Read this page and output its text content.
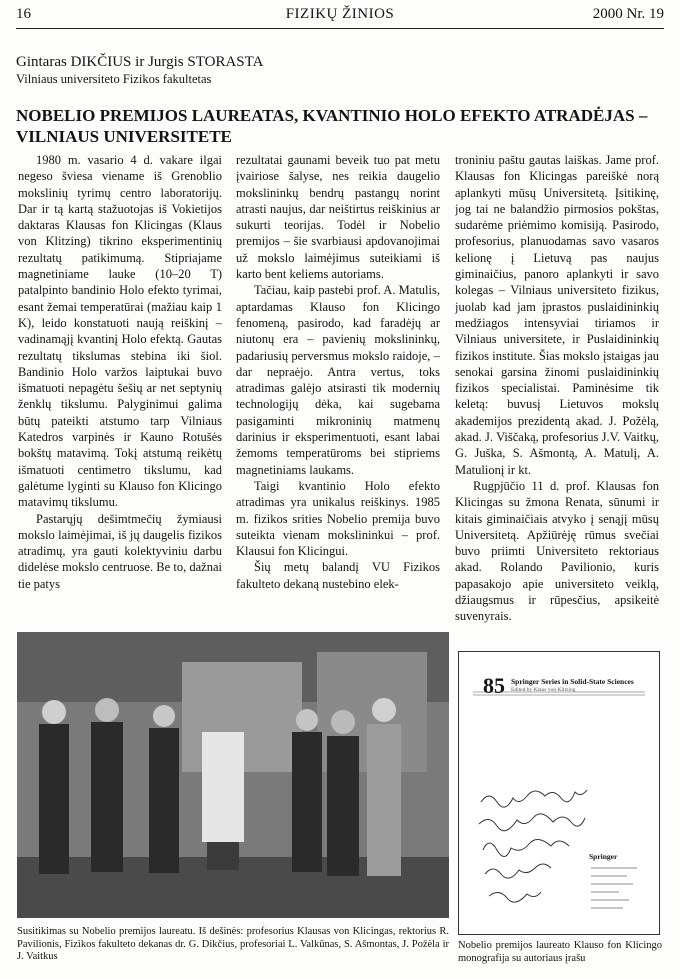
16	FIZIKŲ ŽINIOS	2000 Nr. 19
Gintaras DIKČIUS ir Jurgis STORASTA
Vilniaus universiteto Fizikos fakultetas
NOBELIO PREMIJOS LAUREATAS, KVANTINIO HOLO EFEKTO ATRADĖJAS – VILNIAUS UNIVERSITETE

1980 m. vasario 4 d. vakare ilgai negeso šviesa viename iš Grenoblio mokslinių tyrimų centro laboratorijų. Dar ir tą kartą stažuotojas iš Vokietijos daktaras Klausas fon Klicingas (Klaus von Klitzing) tikrino eksperimentinių rezultatų patikimumą. Stipriajame magnetiniame lauke (10–20 T) patalpinto bandinio Holo efekto tyrimai, esant žemai temperatūrai (mažiau kaip 1 K), leido konstatuoti naują reiškinį – vadinamąjį kvantinį Holo efektą. Gautas rezultatų tikslumas stebina iki šiol. Bandinio Holo varžos laiptukai buvo išmatuoti nepagėtu šešių ar net septynių ženklų tikslumu. Palyginimui galima būtų pateikti atstumo tarp Vilniaus Katedros varpinės ir Kauno Rotušės bokštų matavimą. Tokį atstumą reikėtų išmatuoti centimetro tikslumu, kad galėtume lyginti su Klauso fon Klicingo matavimų tikslumu.

Pastarųjų dešimtmečių žymiausi mokslo laimėjimai, iš jų daugelis fizikos atradimų, yra gauti kolektyviniu darbu didelėse mokslo centruose. Be to, dažnai tie patys

rezultatai gaunami beveik tuo pat metu įvairiose šalyse, nes reikia daugelio mokslininkų bendrų pastangų norint atrasti naujus, dar neištirtus reiškinius ar sukurti teorijas. Todėl ir Nobelio premijos – šie svarbiausi apdovanojimai už mokslo laimėjimus suteikiami iš karto bent keliems autoriams.

Tačiau, kaip pastebi prof. A. Matulis, aptardamas Klauso fon Klicingo fenomeną, pasirodo, kad faradėjų ar niutonų era – pavienių mokslininkų, padariusių perversmus mokslo raidoje, – dar nepraėjo. Antra vertus, toks atradimas galėjo atsirasti tik modernių technologijų dėka, kai sugebama pasigaminti mikroninių matmenų darinius ir eksperimentuoti, esant labai žemoms temperatūroms bei stipriems magnetiniams laukams.

Taigi kvantinio Holo efekto atradimas yra unikalus reiškinys. 1985 m. fizikos srities Nobelio premija buvo suteikta vienam mokslininkui – prof. Klausui fon Klicingui.

Šių metų balandį VU Fizikos fakulteto dekaną nustebino elek-

troniniu paštu gautas laiškas. Jame prof. Klausas fon Klicingas pareiškė norą aplankyti mūsų Universitetą. Įsitikinę, jog tai ne balandžio pirmosios pokštas, sudarėme priėmimo komisiją. Pasirodo, profesorius, planuodamas savo vasaros kelionę į Lietuvą pas naujus giminaičius, panoro aplankyti ir savo kolegas – Vilniaus universiteto fizikus, juolab kad jam įprastos puslaidininkių medžiagos intensyviai tiriamos ir Vilniaus universitete, ir Puslaidininkių fizikos institute. Šias mokslo įstaigas jau senokai garsina žinomi puslaidininkių fizikos specialistai. Paminėsime tik keletą: buvusį Lietuvos mokslų akademijos prezidentą akad. J. Požėlą, akad. J. Viščaką, profesorius J.V. Vaitkų, G. Juška, S. Ašmontą, A. Matulį, A. Matulionį ir kt.

Rugpjūčio 11 d. prof. Klausas fon Klicingas su žmona Renata, sūnumi ir kitais giminaičiais atvyko į senąjį mūsų Universitetą. Apžiūrėję rūmus svečiai buvo priimti Universiteto rektoriaus akad. Rolando Pavilionio, kuris papasakojo apie universiteto veiklą, džiaugsmus ir rūpesčius, apsikeitė suvenyrais.

Susitikimas su Nobelio premijos laureatu. Iš dešinės: profesorius Klausas von Klicingas, rektorius R. Pavilionis, Fizikos fakulteto dekanas dr. G. Dikčius, profesoriai L. Valkūnas, S. Ašmontas, J. Požėla ir J. Vaitkus
85 Springer Series in Solid-State Sciences
Edited by Klaus von Klitzing
Springer
Nobelio premijos laureato Klauso fon Klicingo monografija su autoriaus įrašu
